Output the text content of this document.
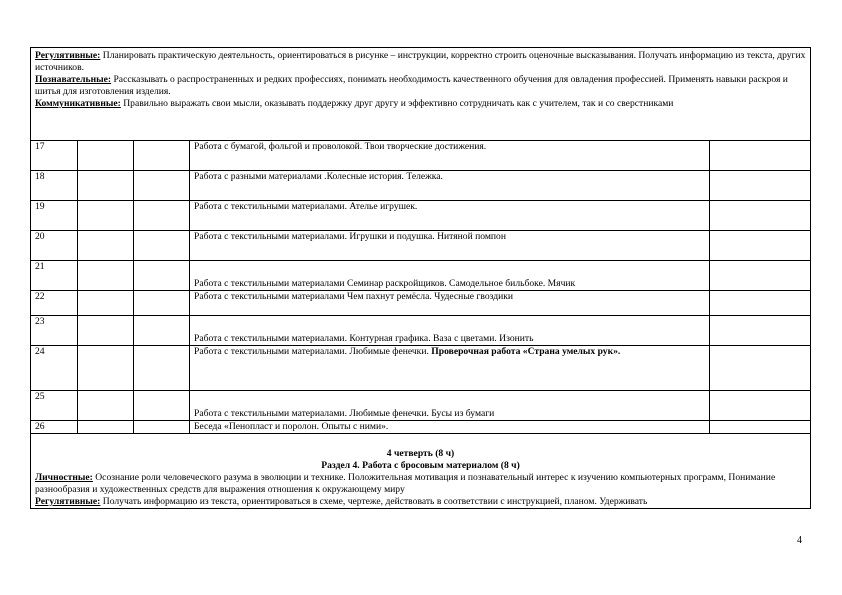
Регулятивные: Планировать практическую деятельность, ориентироваться в рисунке – инструкции, корректно строить оценочные высказывания. Получать информацию из текста, других источников.
Познавательные: Рассказывать о распространенных и редких профессиях, понимать необходимость качественного обучения для овладения профессией. Применять навыки раскроя и шитья для изготовления изделия.
Коммуникативные: Правильно выражать свои мысли, оказывать поддержку друг другу и эффективно сотрудничать как с учителем, так и со сверстниками				
17			Работа с бумагой, фольгой и проволокой. Твои творческие достижения.	
18			Работа с разными материалами .Колесные история. Тележка.	
19			Работа с текстильными материалами. Ателье игрушек.	
20			Работа с текстильными материалами. Игрушки и подушка. Нитяной помпон	
21			Работа с текстильными материалами Семинар раскройщиков. Самодельное бильбоке. Мячик	
22			Работа с текстильными материалами Чем пахнут ремёсла. Чудесные гвоздики	
23			Работа с текстильными материалами. Контурная графика. Ваза с цветами. Изонить	
24			Работа с текстильными материалами. Любимые фенечки. Проверочная работа «Страна умелых рук».	
25			Работа с текстильными материалами. Любимые фенечки. Бусы из бумаги	
26			Беседа «Пенопласт и поролон. Опыты с ними».	

4 четверть (8 ч)
Раздел 4. Работа с бросовым материалом (8 ч)
Личностные: Осознание роли человеческого разума в эволюции и технике. Положительная мотивация и познавательный интерес к изучению компьютерных программ, Понимание разнообразия и художественных средств для выражения отношения к окружающему миру
Регулятивные: Получать информацию из текста, ориентироваться в схеме, чертеже, действовать в соответствии с инструкцией, планом. Удерживать				
4
